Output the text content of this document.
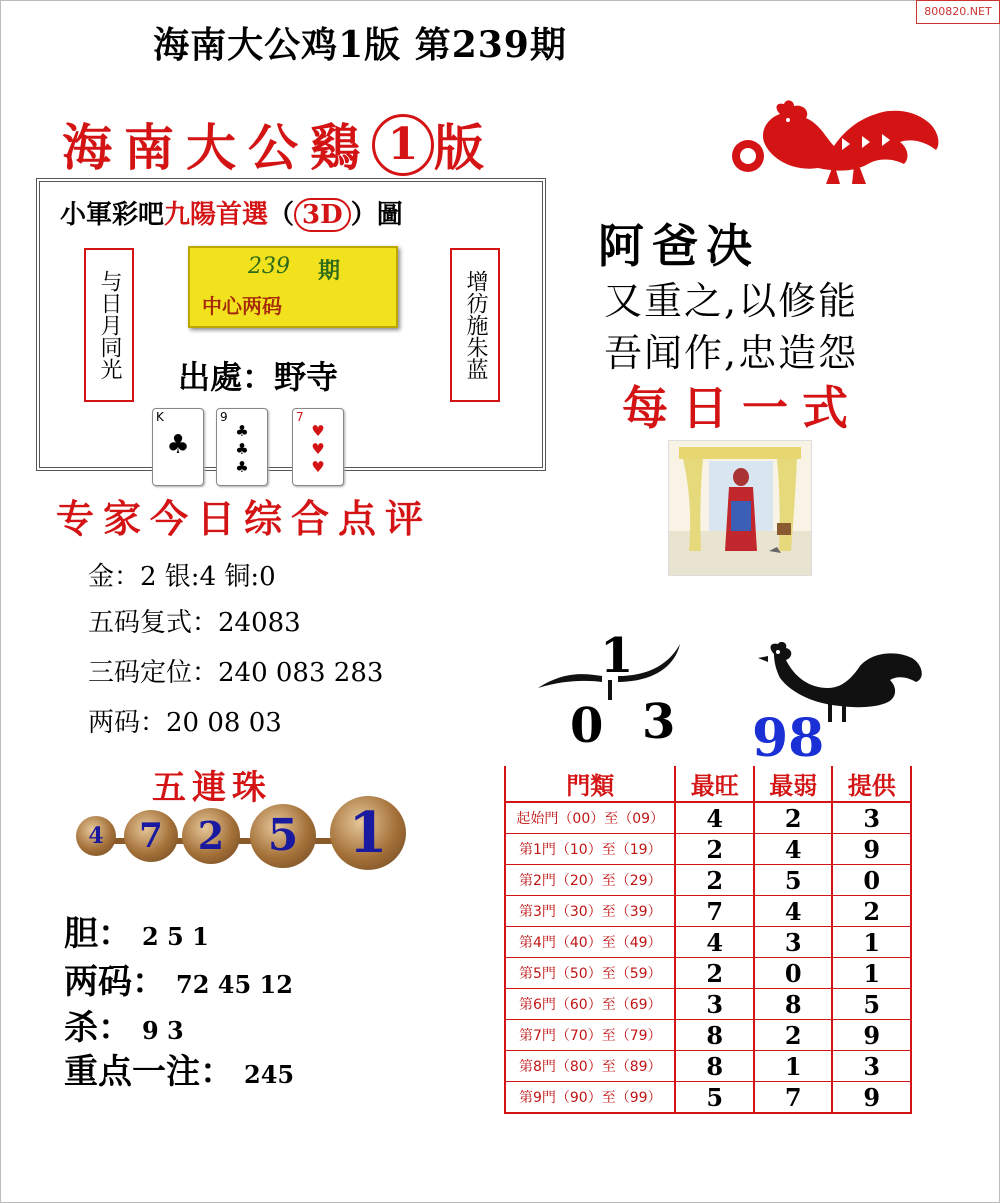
800820.NET
海南大公鸡1版 第239期
海南大公鷄 1 版
小軍彩吧九陽首選（ 3D ）圖
与日月同光	增彷施朱蓝
239 期
中心两码
出處：野寺
K
♣
9
♣
♣
♣
7
♥
♥
♥
阿爸决
又重之,以修能
吾闻作,忠造怨
每日一式
专家今日综合点评
金：2 银:4 铜:0
五码复式：24083
三码定位：240 083 283
两码：20 08 03
1
0 3 98
五連珠
4	7 2 5 1
胆： 2 5 1
两码： 72 45 12
杀： 9 3
重点一注： 245
門類	最旺	最弱	提供
起始門（00）至（09）	4	2	3
第1門（10）至（19）	2	4	9
第2門（20）至（29）	2	5	0
第3門（30）至（39）	7	4	2
第4門（40）至（49）	4	3	1
第5門（50）至（59）	2	0	1
第6門（60）至（69）	3	8	5
第7門（70）至（79）	8	2	9
第8門（80）至（89）	8	1	3
第9門（90）至（99）	5	7	9
